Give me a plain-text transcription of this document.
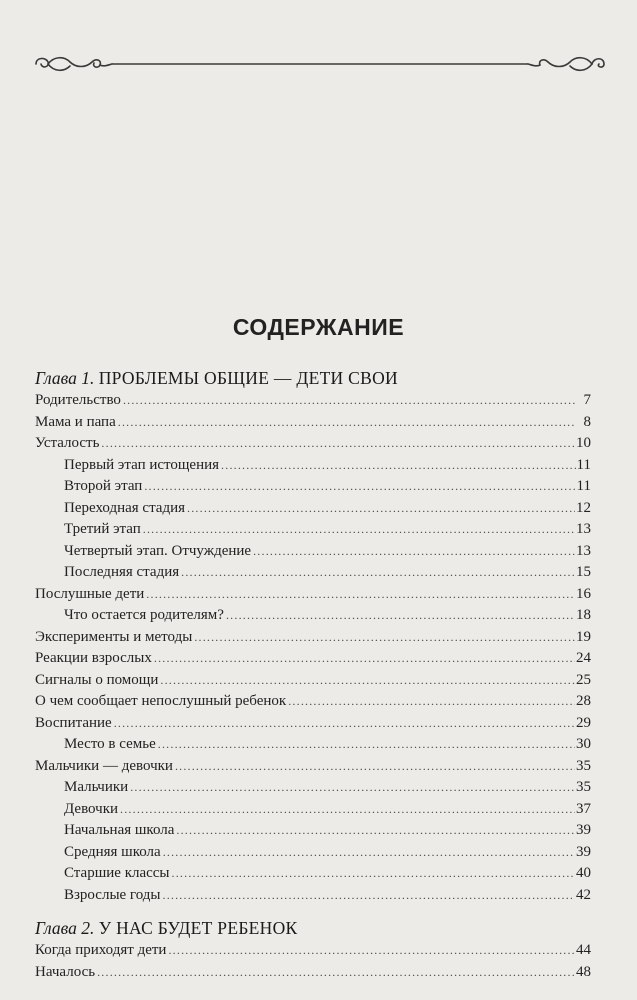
СОДЕРЖАНИЕ
Глава 1. ПРОБЛЕМЫ ОБЩИЕ — ДЕТИ СВОИ
Родительство .....	7
Мама и папа .....	8
Усталость .....	10
Первый этап истощения .....	11
Второй этап .....	11
Переходная стадия .....	12
Третий этап .....	13
Четвертый этап. Отчуждение .....	13
Последняя стадия .....	15
Послушные дети .....	16
Что остается родителям? .....	18
Эксперименты и методы .....	19
Реакции взрослых .....	24
Сигналы о помощи .....	25
О чем сообщает непослушный ребенок .....	28
Воспитание .....	29
Место в семье .....	30
Мальчики — девочки .....	35
Мальчики .....	35
Девочки .....	37
Начальная школа .....	39
Средняя школа .....	39
Старшие классы .....	40
Взрослые годы .....	42
Глава 2. У НАС БУДЕТ РЕБЕНОК
Когда приходят дети .....	44
Началось .....	48
